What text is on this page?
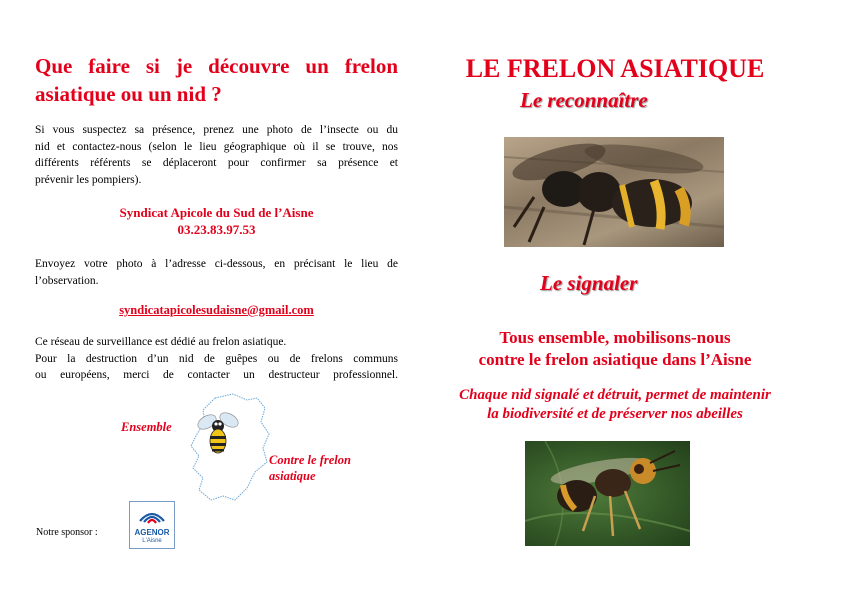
Que faire si je découvre un frelon
asiatique ou un nid ?
Si vous suspectez sa présence, prenez une photo de l’insecte ou du
nid et contactez-nous (selon le lieu géographique où il se trouve, nos
différents référents se déplaceront pour confirmer sa présence et
prévenir les pompiers).
Syndicat Apicole du Sud de l’Aisne
03.23.83.97.53
Envoyez votre photo à l’adresse ci-dessous, en précisant le lieu de
l’observation.
syndicatapicolesudaisne@gmail.com
Ce réseau de surveillance est dédié au frelon asiatique.
Pour la destruction d’un nid de guêpes ou de frelons communs
ou européens, merci de contacter un destructeur professionnel.
Ensemble
Contre le frelon
asiatique
Notre sponsor :	AGENOR
L'Aisne
LE FRELON ASIATIQUE
Le reconnaître
Le signaler
Tous ensemble, mobilisons-nous
contre le frelon asiatique dans l’Aisne
Chaque nid signalé et détruit, permet de maintenir
la biodiversité et de préserver nos abeilles
